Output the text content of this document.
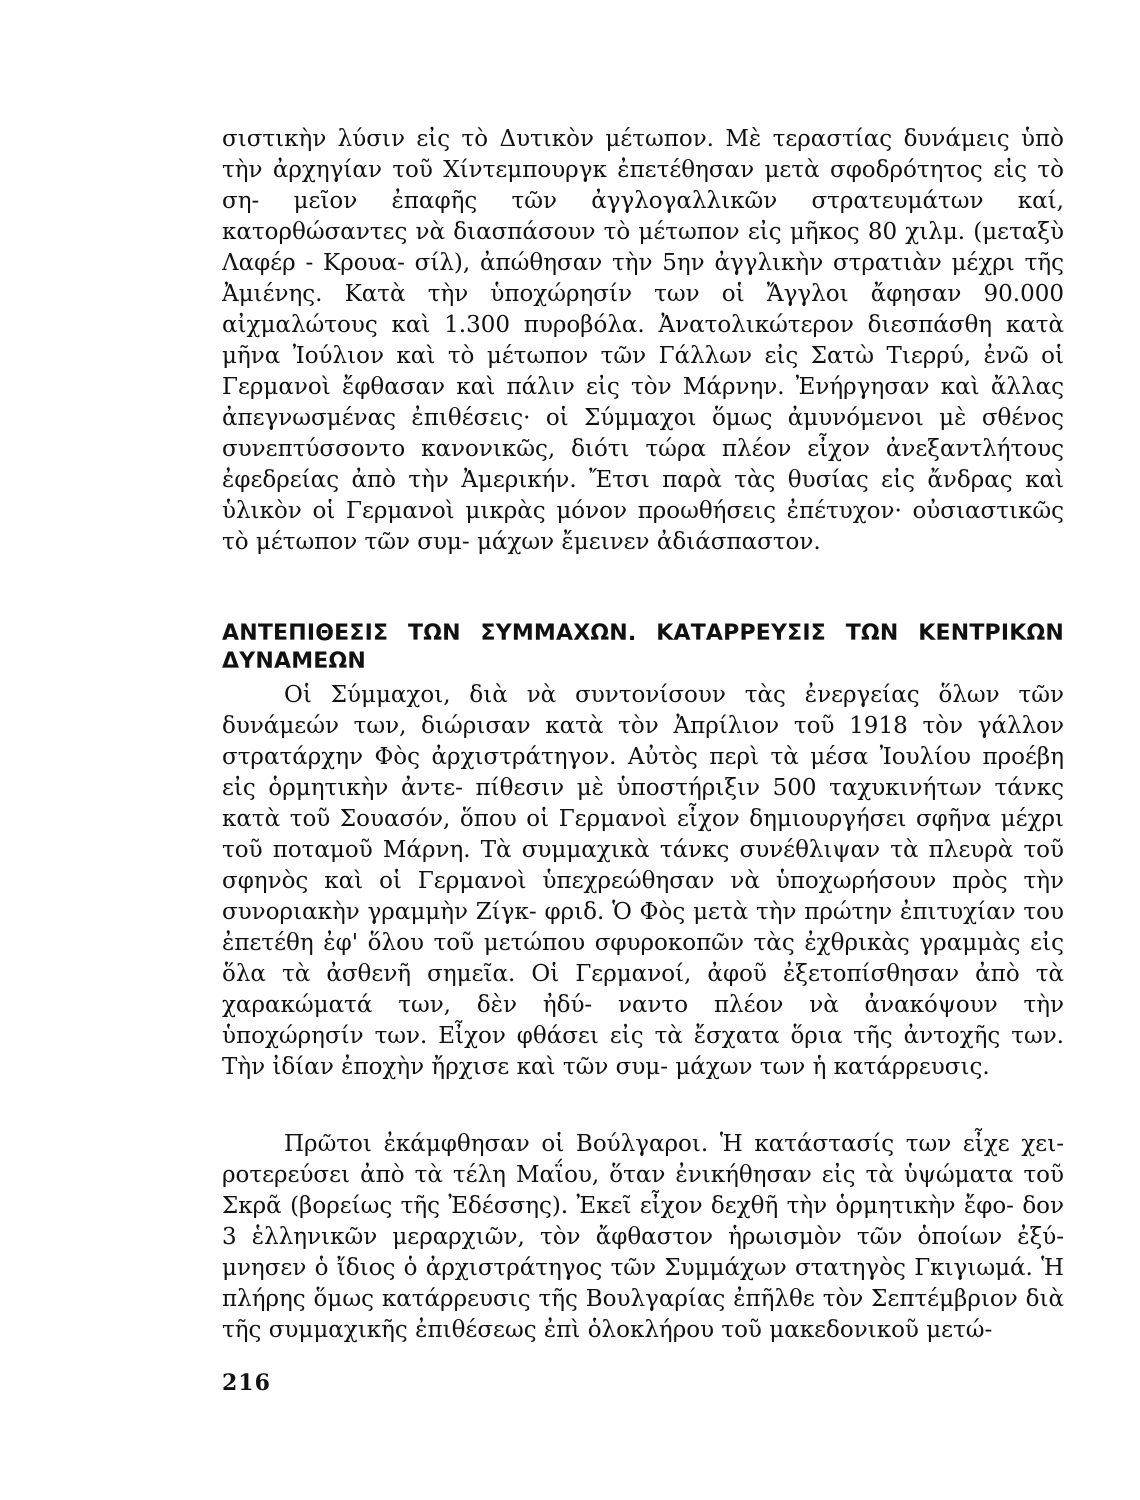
σιστικὴν λύσιν εἰς τὸ Δυτικὸν μέτωπον. Μὲ τεραστίας δυνάμεις ὑπὸ τὴν ἀρχηγίαν τοῦ Χίντεμπουργκ ἐπετέθησαν μετὰ σφοδρότητος εἰς τὸ ση- μεῖον ἐπαφῆς τῶν ἀγγλογαλλικῶν στρατευμάτων καί, κατορθώσαντες νὰ διασπάσουν τὸ μέτωπον εἰς μῆκος 80 χιλμ. (μεταξὺ Λαφέρ - Κρουα- σίλ), ἀπώθησαν τὴν 5ην ἀγγλικὴν στρατιὰν μέχρι τῆς Ἀμιένης. Κατὰ τὴν ὑποχώρησίν των οἱ Ἄγγλοι ἄφησαν 90.000 αἰχμαλώτους καὶ 1.300 πυροβόλα. Ἀνατολικώτερον διεσπάσθη κατὰ μῆνα Ἰούλιον καὶ τὸ μέτωπον τῶν Γάλλων εἰς Σατὼ Τιερρύ, ἐνῶ οἱ Γερμανοὶ ἔφθασαν καὶ πάλιν εἰς τὸν Μάρνην. Ἐνήργησαν καὶ ἄλλας ἀπεγνωσμένας ἐπιθέσεις· οἱ Σύμμαχοι ὅμως ἀμυνόμενοι μὲ σθένος συνεπτύσσοντο κανονικῶς, διότι τώρα πλέον εἶχον ἀνεξαντλήτους ἐφεδρείας ἀπὸ τὴν Ἀμερικήν. Ἔτσι παρὰ τὰς θυσίας εἰς ἄνδρας καὶ ὑλικὸν οἱ Γερμανοὶ μικρὰς μόνον προωθήσεις ἐπέτυχον· οὐσιαστικῶς τὸ μέτωπον τῶν συμ- μάχων ἔμεινεν ἀδιάσπαστον.

ΑΝΤΕΠΙΘΕΣΙΣ ΤΩΝ ΣΥΜΜΑΧΩΝ. ΚΑΤΑΡΡΕΥΣΙΣ ΤΩΝ ΚΕΝΤΡΙΚΩΝ ΔΥΝΑΜΕΩΝ

Οἱ Σύμμαχοι, διὰ νὰ συντονίσουν τὰς ἐνεργείας ὅλων τῶν δυνάμεών των, διώρισαν κατὰ τὸν Ἀπρίλιον τοῦ 1918 τὸν γάλλον στρατάρχην Φὸς ἀρχιστράτηγον. Αὐτὸς περὶ τὰ μέσα Ἰουλίου προέβη εἰς ὁρμητικὴν ἀντε- πίθεσιν μὲ ὑποστήριξιν 500 ταχυκινήτων τάνκς κατὰ τοῦ Σουασόν, ὅπου οἱ Γερμανοὶ εἶχον δημιουργήσει σφῆνα μέχρι τοῦ ποταμοῦ Μάρνη. Τὰ συμμαχικὰ τάνκς συνέθλιψαν τὰ πλευρὰ τοῦ σφηνὸς καὶ οἱ Γερμανοὶ ὑπεχρεώθησαν νὰ ὑποχωρήσουν πρὸς τὴν συνοριακὴν γραμμὴν Ζίγκ- φριδ. Ὁ Φὸς μετὰ τὴν πρώτην ἐπιτυχίαν του ἐπετέθη ἐφ' ὅλου τοῦ μετώπου σφυροκοπῶν τὰς ἐχθρικὰς γραμμὰς εἰς ὅλα τὰ ἀσθενῆ σημεῖα. Οἱ Γερμανοί, ἀφοῦ ἐξετοπίσθησαν ἀπὸ τὰ χαρακώματά των, δὲν ἠδύ- ναντο πλέον νὰ ἀνακόψουν τὴν ὑποχώρησίν των. Εἶχον φθάσει εἰς τὰ ἔσχατα ὅρια τῆς ἀντοχῆς των. Τὴν ἰδίαν ἐποχὴν ἤρχισε καὶ τῶν συμ- μάχων των ἡ κατάρρευσις.

Πρῶτοι ἐκάμφθησαν οἱ Βούλγαροι. Ἡ κατάστασίς των εἶχε χει- ροτερεύσει ἀπὸ τὰ τέλη Μαΐου, ὅταν ἐνικήθησαν εἰς τὰ ὑψώματα τοῦ Σκρᾶ (βορείως τῆς Ἐδέσσης). Ἐκεῖ εἶχον δεχθῆ τὴν ὁρμητικὴν ἔφο- δον 3 ἑλληνικῶν μεραρχιῶν, τὸν ἄφθαστον ἡρωισμὸν τῶν ὁποίων ἐξύ- μνησεν ὁ ἴδιος ὁ ἀρχιστράτηγος τῶν Συμμάχων στατηγὸς Γκιγιωμά. Ἡ πλήρης ὅμως κατάρρευσις τῆς Βουλγαρίας ἐπῆλθε τὸν Σεπτέμβριον διὰ τῆς συμμαχικῆς ἐπιθέσεως ἐπὶ ὁλοκλήρου τοῦ μακεδονικοῦ μετώ-

216
